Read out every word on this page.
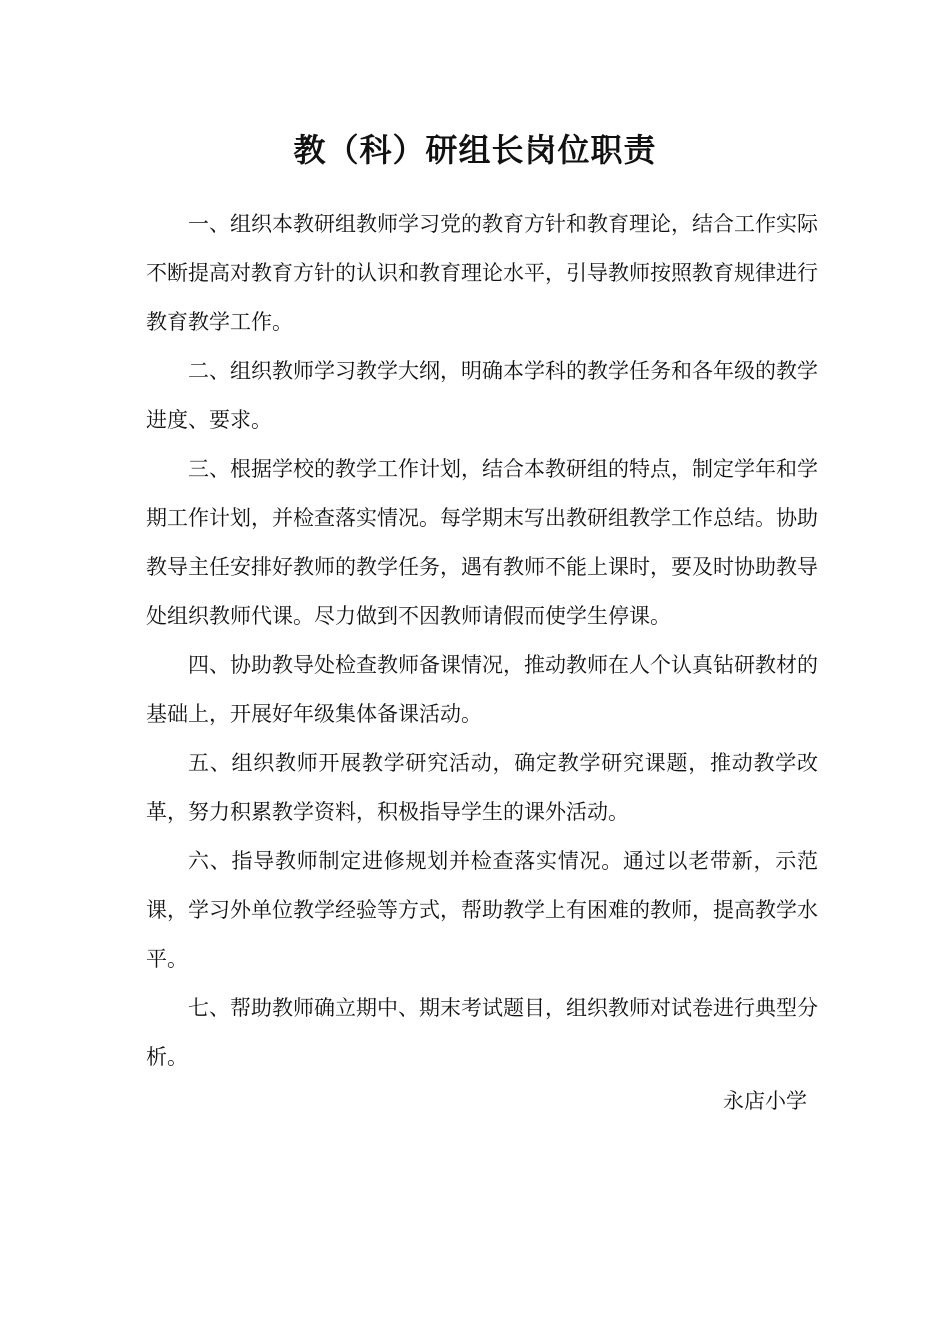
教（科）研组长岗位职责

一、组织本教研组教师学习党的教育方针和教育理论，结合工作实际不断提高对教育方针的认识和教育理论水平，引导教师按照教育规律进行教育教学工作。

二、组织教师学习教学大纲，明确本学科的教学任务和各年级的教学进度、要求。

三、根据学校的教学工作计划，结合本教研组的特点，制定学年和学期工作计划，并检查落实情况。每学期末写出教研组教学工作总结。协助教导主任安排好教师的教学任务，遇有教师不能上课时，要及时协助教导处组织教师代课。尽力做到不因教师请假而使学生停课。

四、协助教导处检查教师备课情况，推动教师在人个认真钻研教材的基础上，开展好年级集体备课活动。

五、组织教师开展教学研究活动，确定教学研究课题，推动教学改革，努力积累教学资料，积极指导学生的课外活动。

六、指导教师制定进修规划并检查落实情况。通过以老带新，示范课，学习外单位教学经验等方式，帮助教学上有困难的教师，提高教学水平。

七、帮助教师确立期中、期末考试题目，组织教师对试卷进行典型分析。

永店小学
